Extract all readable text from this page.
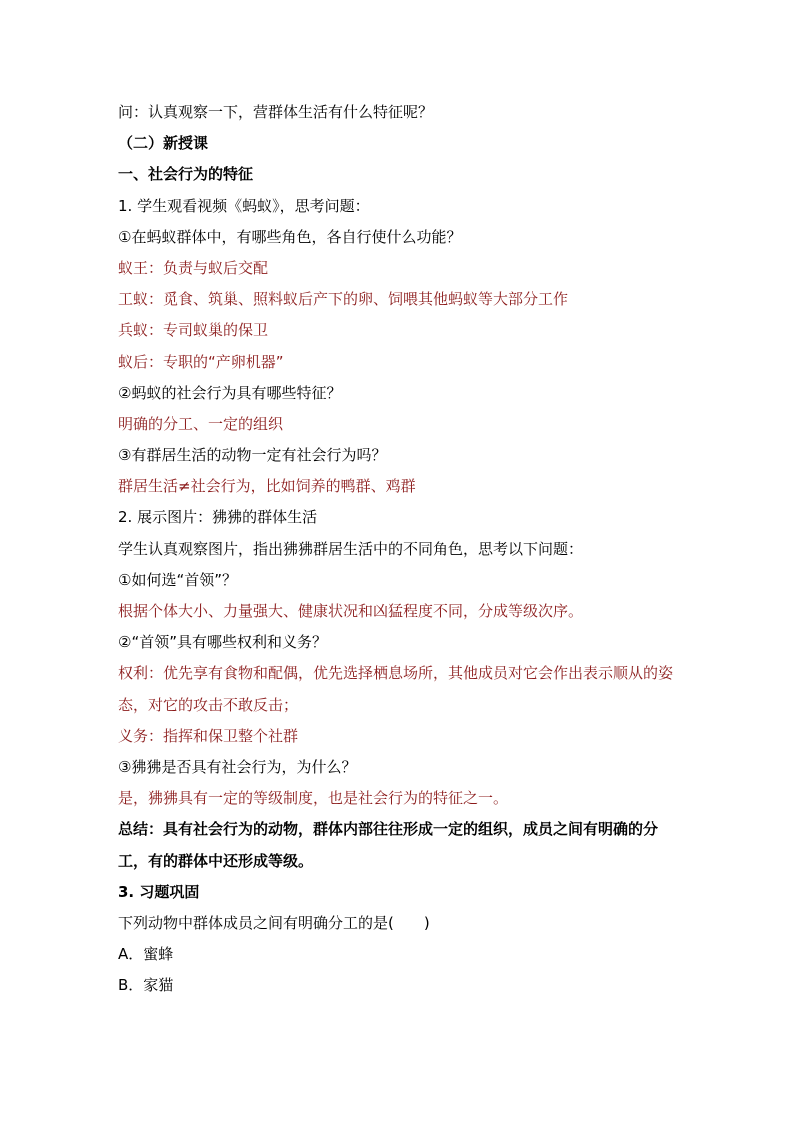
问：认真观察一下，营群体生活有什么特征呢？
（二）新授课
一、社会行为的特征
1. 学生观看视频《蚂蚁》，思考问题：
①在蚂蚁群体中，有哪些角色，各自行使什么功能？
蚁王：负责与蚁后交配
工蚁：觅食、筑巢、照料蚁后产下的卵、饲喂其他蚂蚁等大部分工作
兵蚁：专司蚁巢的保卫
蚁后：专职的“产卵机器”
②蚂蚁的社会行为具有哪些特征？
明确的分工、一定的组织
③有群居生活的动物一定有社会行为吗？
群居生活≠社会行为，比如饲养的鸭群、鸡群
2. 展示图片：狒狒的群体生活
学生认真观察图片，指出狒狒群居生活中的不同角色，思考以下问题：
①如何选“首领”？
根据个体大小、力量强大、健康状况和凶猛程度不同，分成等级次序。
②“首领”具有哪些权利和义务？
权利：优先享有食物和配偶，优先选择栖息场所，其他成员对它会作出表示顺从的姿态，对它的攻击不敢反击；
义务：指挥和保卫整个社群
③狒狒是否具有社会行为，为什么？
是，狒狒具有一定的等级制度，也是社会行为的特征之一。
总结：具有社会行为的动物，群体内部往往形成一定的组织，成员之间有明确的分工，有的群体中还形成等级。
3. 习题巩固
下列动物中群体成员之间有明确分工的是(　　)
A．蜜蜂
B．家猫
